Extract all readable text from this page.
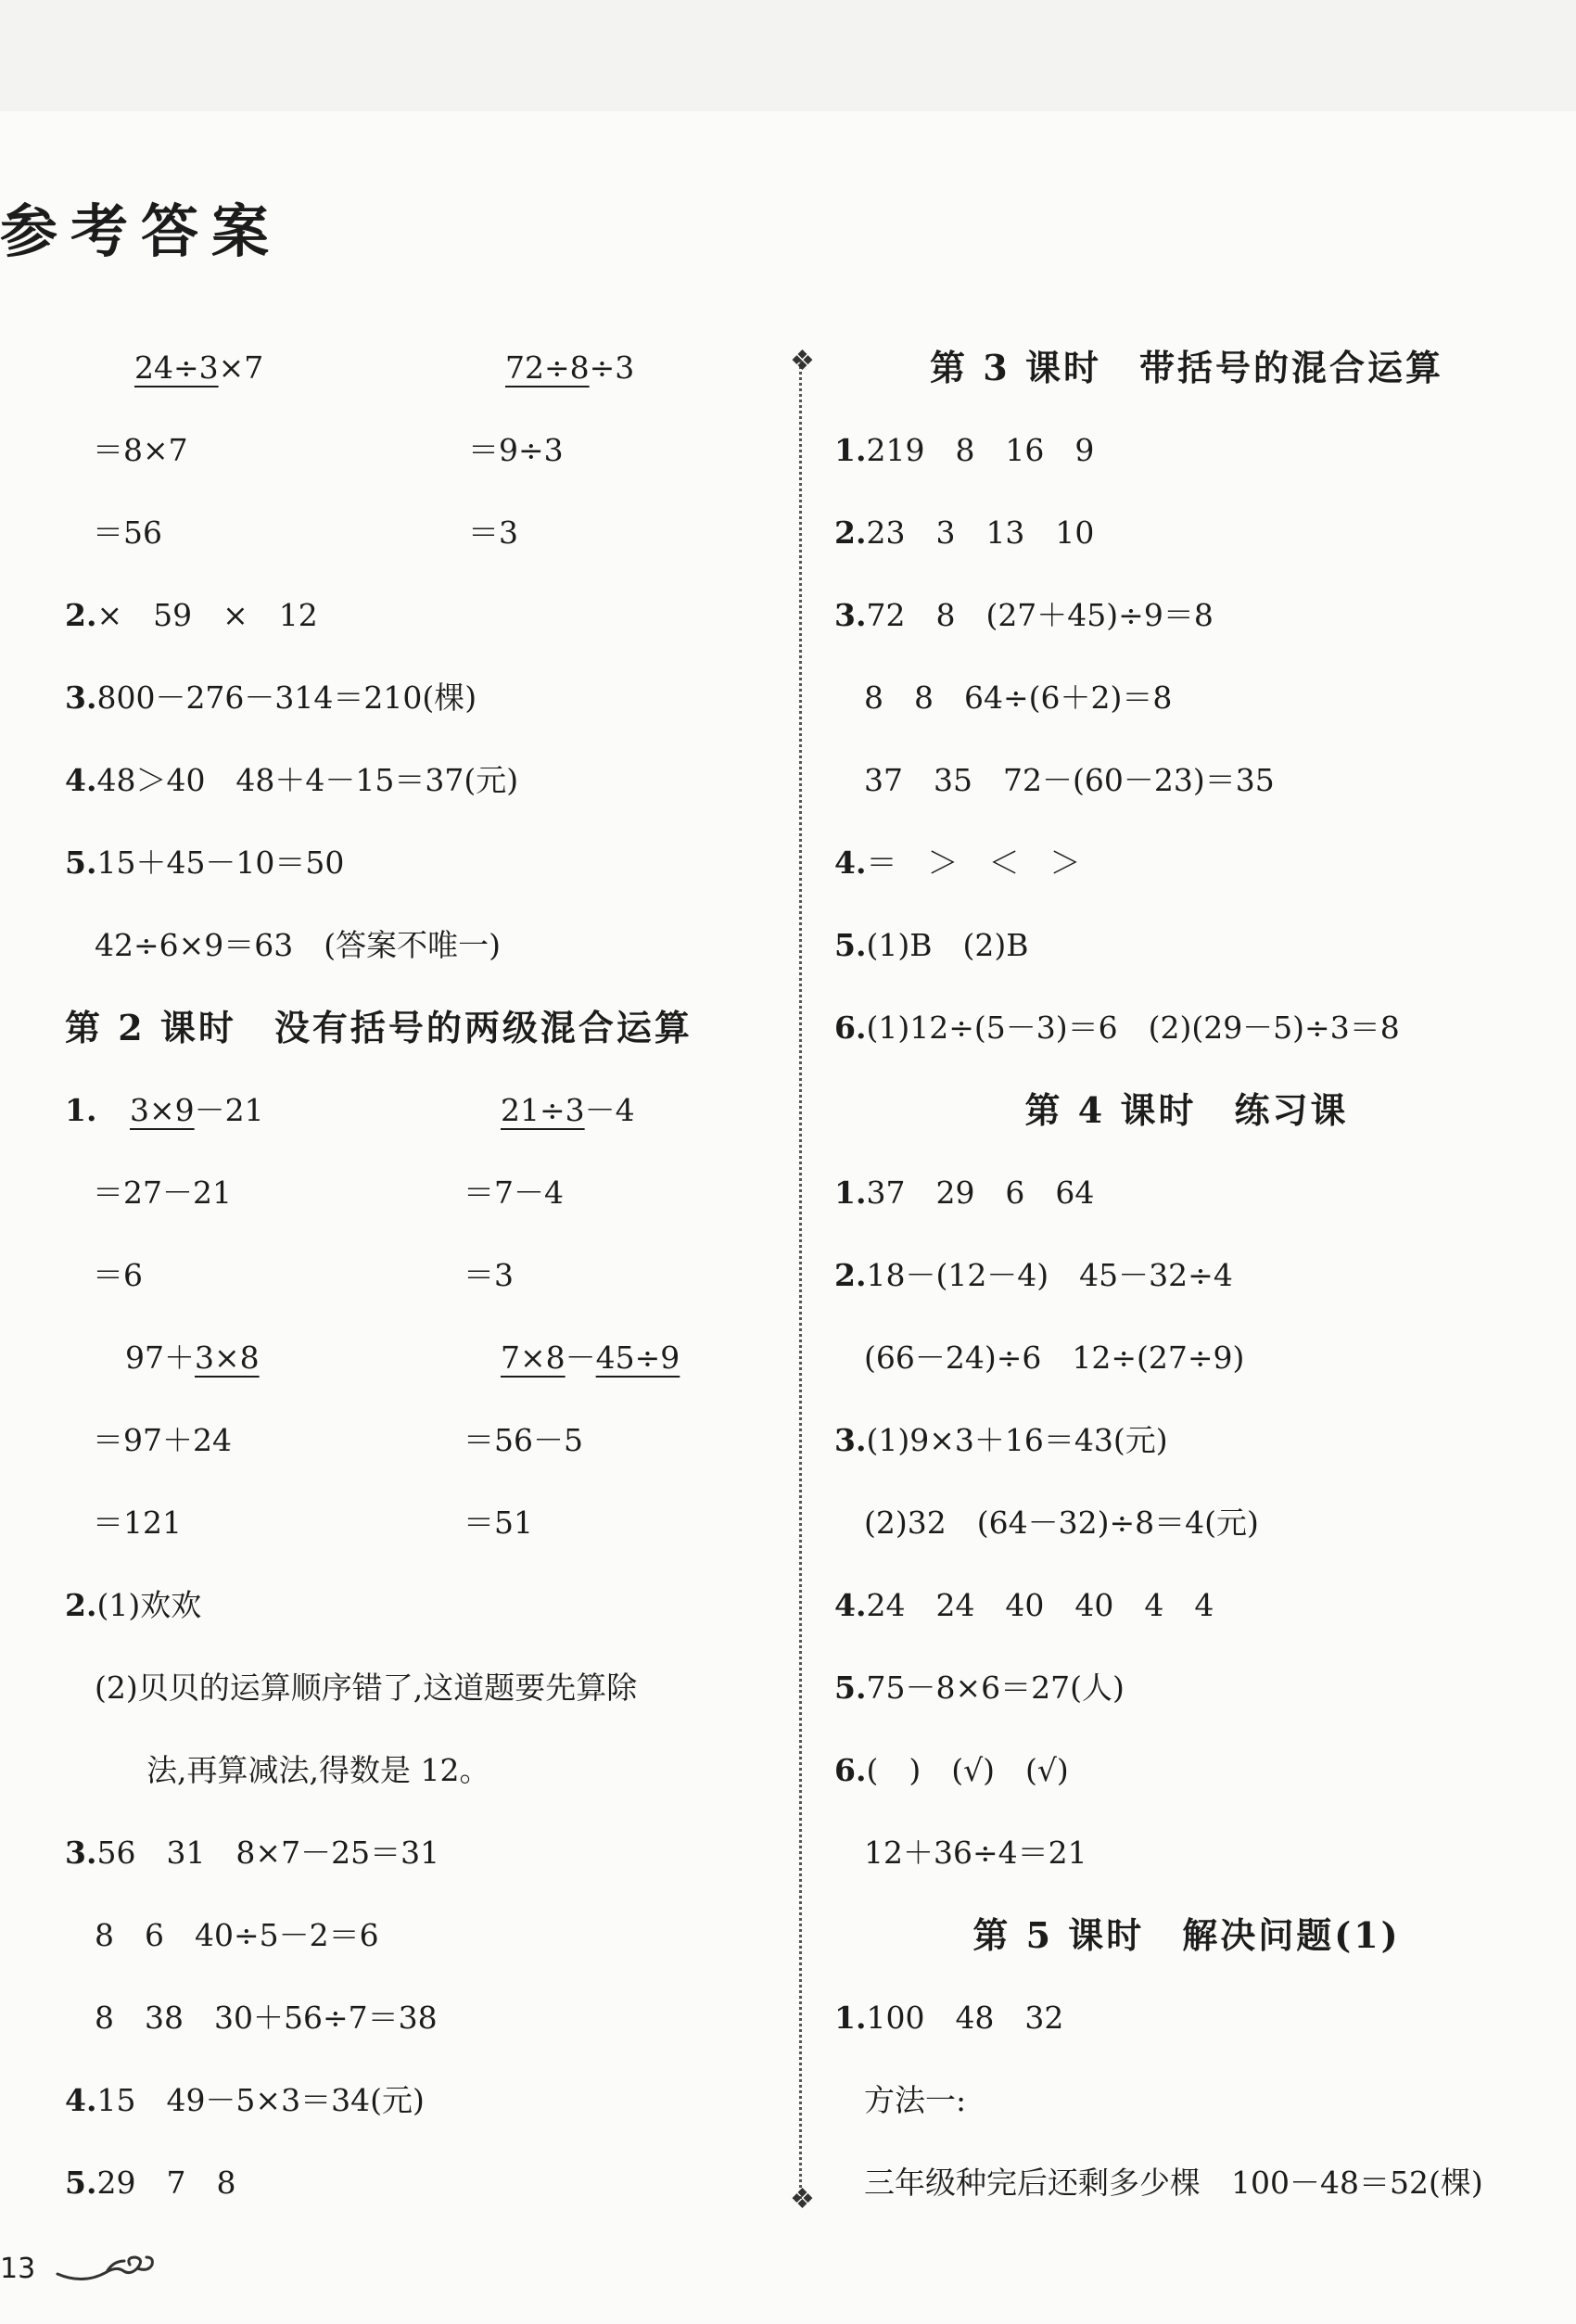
参考答案
24÷3×7	72÷8÷3
＝8×7	＝9÷3
＝56	＝3
2.×　59　×　12
3.800－276－314＝210(棵)
4.48＞40　48＋4－15＝37(元)
5.15＋45－10＝50
42÷6×9＝63　(答案不唯一)
第 2 课时　没有括号的两级混合运算
1. 3×9－21	21÷3－4
＝27－21	＝7－4
＝6	＝3
97＋3×8	7×8－45÷9
＝97＋24	＝56－5
＝121	＝51
2.(1)欢欢
(2)贝贝的运算顺序错了,这道题要先算除
法,再算减法,得数是 12。
3.56　31　8×7－25＝31
8　6　40÷5－2＝6
8　38　30＋56÷7＝38
4.15　49－5×3＝34(元)
5.29　7　8
❖
❖
第 3 课时　带括号的混合运算
1.219　8　16　9
2.23　3　13　10
3.72　8　(27＋45)÷9＝8
8　8　64÷(6＋2)＝8
37　35　72－(60－23)＝35
4.＝　＞　＜　＞
5.(1)B　(2)B
6.(1)12÷(5－3)＝6　(2)(29－5)÷3＝8
第 4 课时　练习课
1.37　29　6　64
2.18－(12－4)　45－32÷4
(66－24)÷6　12÷(27÷9)
3.(1)9×3＋16＝43(元)
(2)32　(64－32)÷8＝4(元)
4.24　24　40　40　4　4
5.75－8×6＝27(人)
6.(　)　(√)　(√)
12＋36÷4＝21
第 5 课时　解决问题(1)
1.100　48　32
方法一:
三年级种完后还剩多少棵　100－48＝52(棵)
13
